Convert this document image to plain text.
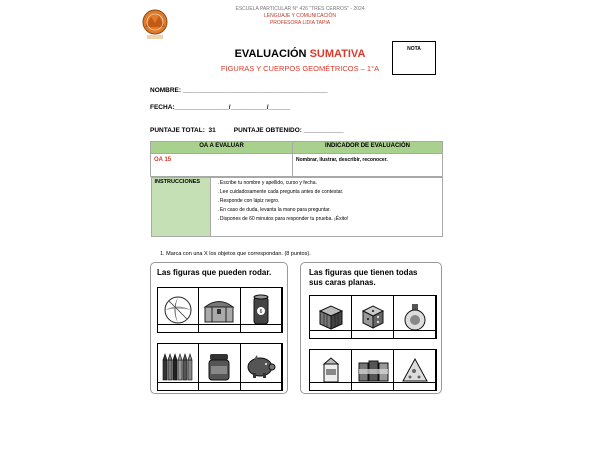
ESCUELA PARTICULAR N° 426 "TRES CERROS" - 2024
LENGUAJE Y COMUNICACIÓN
PROFESORA LIDIA TAPIA
EVALUACIÓN SUMATIVA
FIGURAS Y CUERPOS GEOMÉTRICOS – 1°A
NOTA
NOMBRE: ________________________________________
FECHA:_______________/__________/______
PUNTAJE TOTAL:  31          PUNTAJE OBTENIDO: ___________
OA A EVALUAR	INDICADOR DE EVALUACIÓN
OA 15	Nombrar, ilustrar, describir, reconocer.

INSTRUCCIONES	
.Escribe tu nombre y apellido, curso y fecha.
. Lee cuidadosamente cada pregunta antes de contestar.
. Responde con lápiz negro.
. En caso de duda, levanta la mano para preguntar.
. Dispones de 60 minutos para responder tu prueba. ¡Éxito!
1. Marca con una X los objetos que correspondan. (8 puntos).
Las figuras que pueden rodar.
6
Las figuras que tienen todas
sus caras planas.
